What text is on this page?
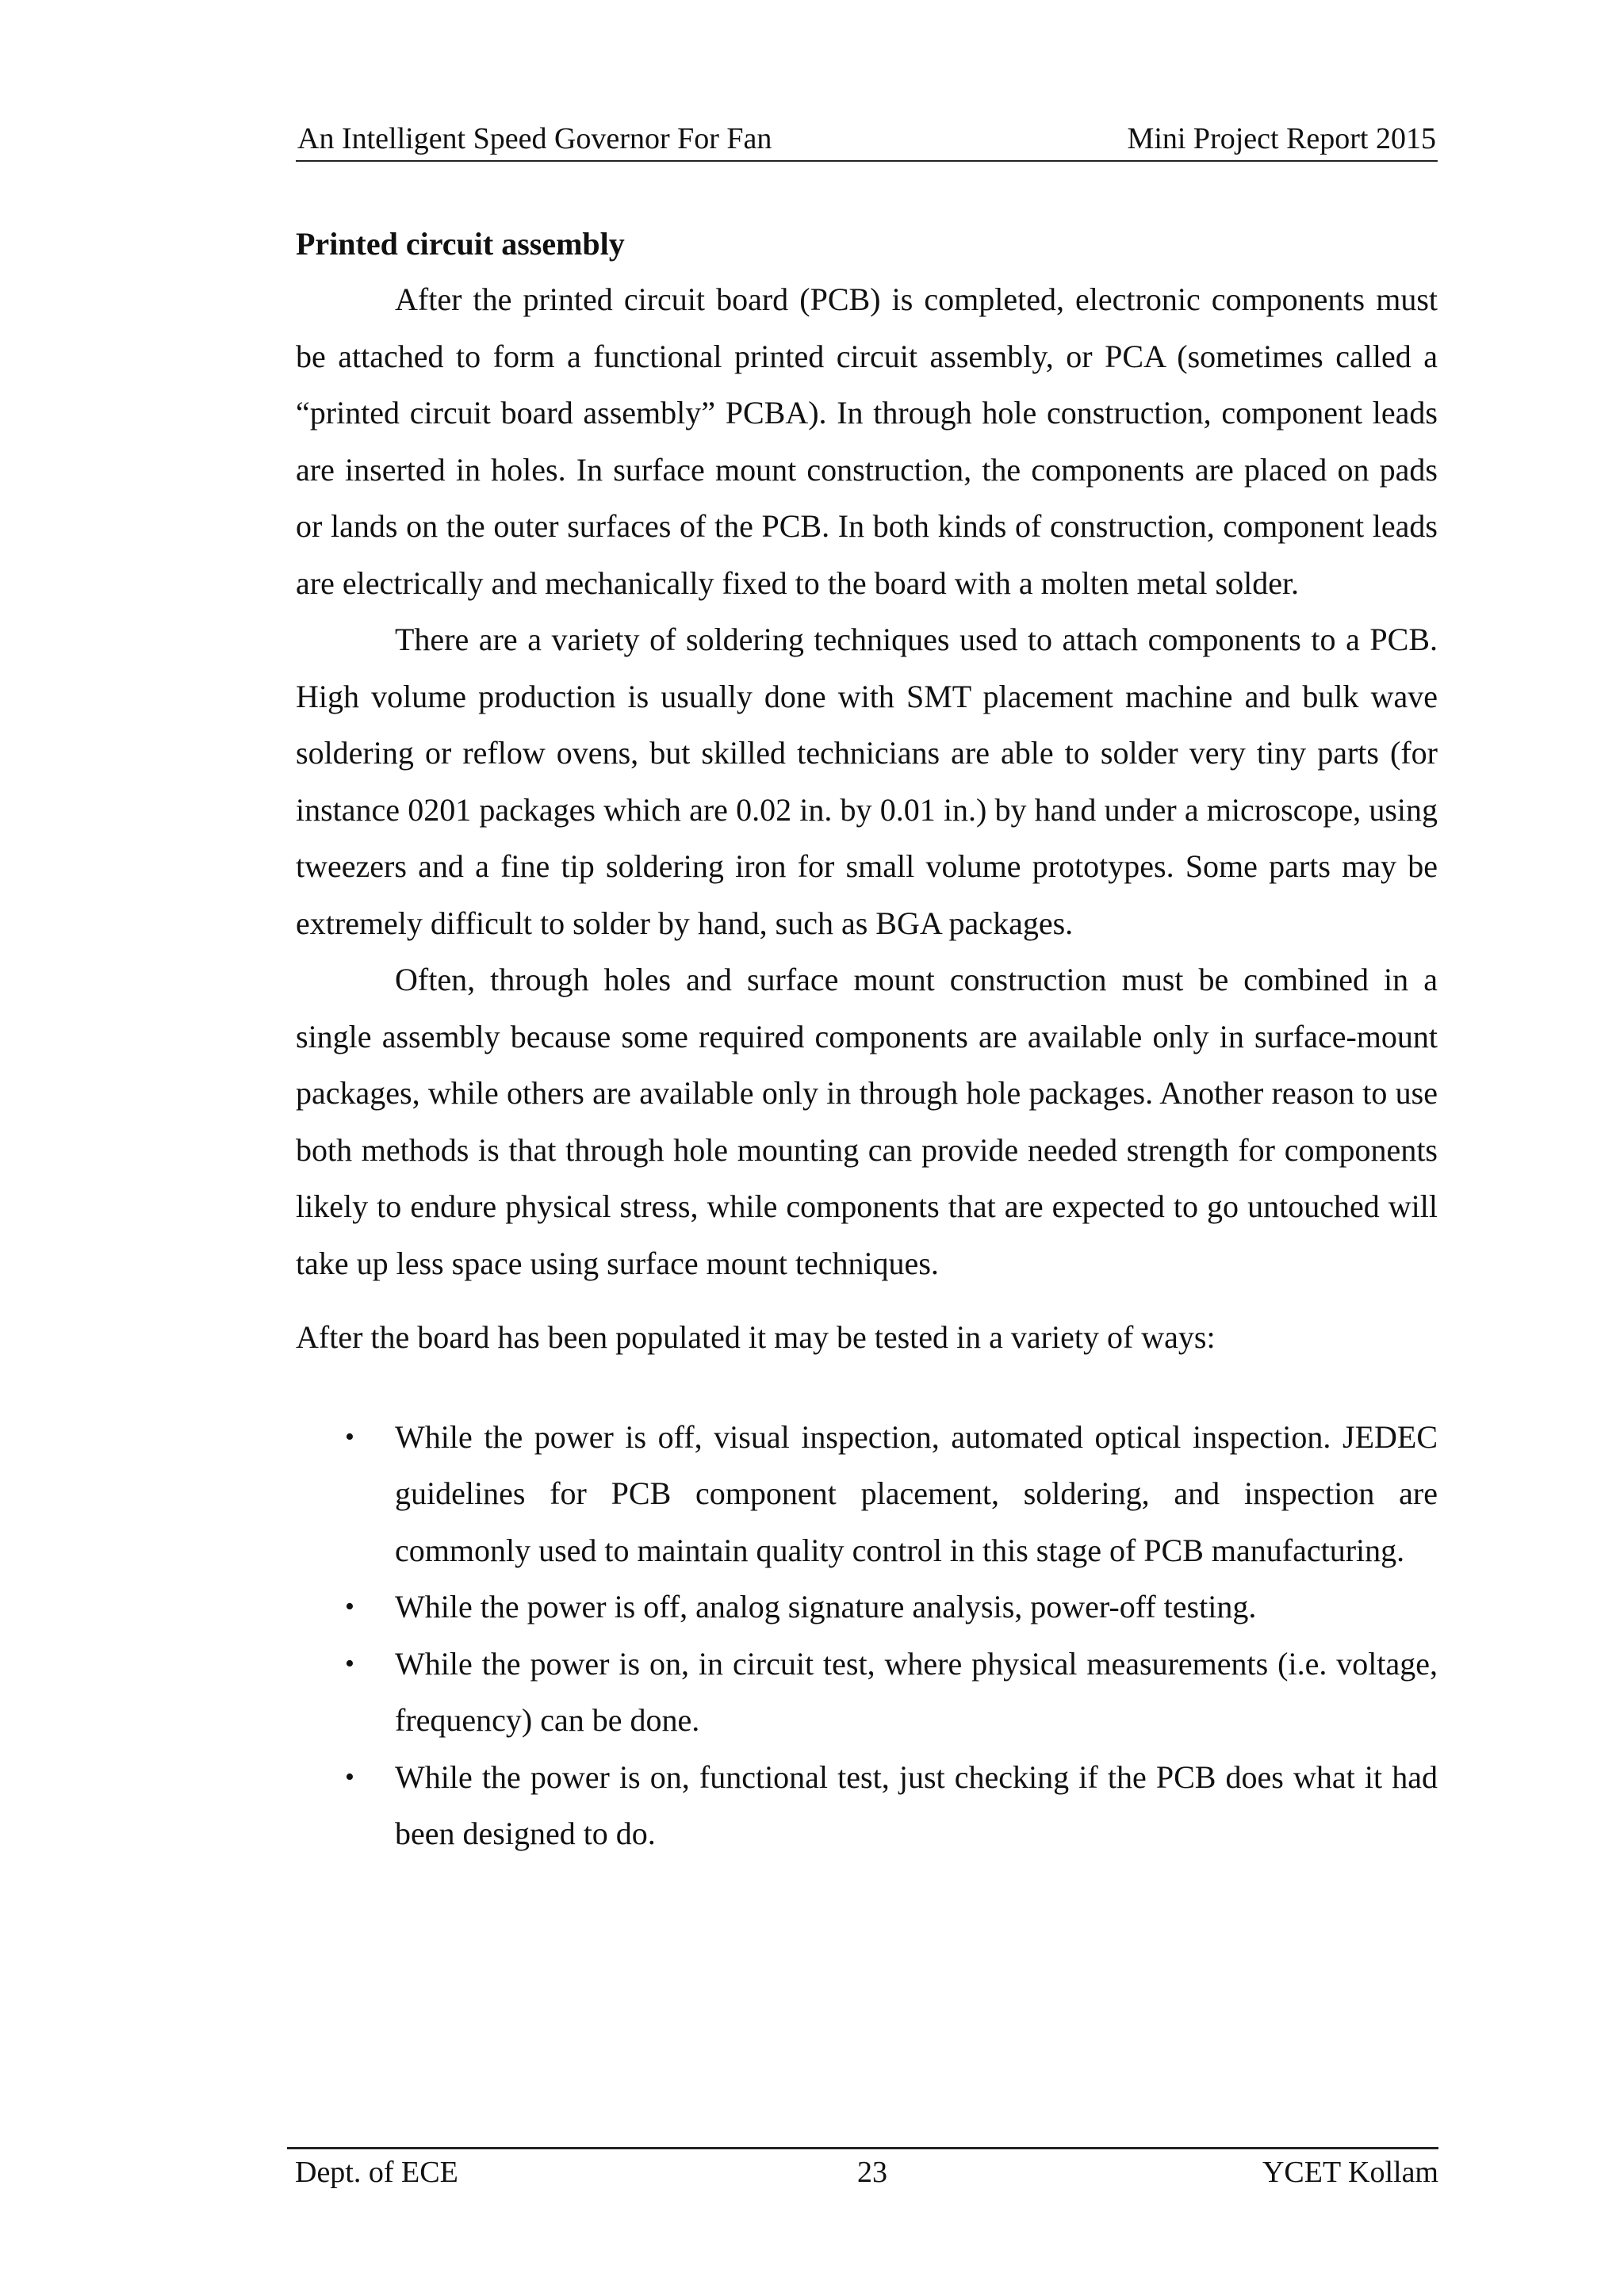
An Intelligent Speed Governor For Fan	Mini Project Report 2015
Printed circuit assembly

After the printed circuit board (PCB) is completed, electronic components must be attached to form a functional printed circuit assembly, or PCA (sometimes called a “printed circuit board assembly” PCBA). In through hole construction, component leads are inserted in holes. In surface mount construction, the components are placed on pads or lands on the outer surfaces of the PCB. In both kinds of construction, component leads are electrically and mechanically fixed to the board with a molten metal solder.

There are a variety of soldering techniques used to attach components to a PCB. High volume production is usually done with SMT placement machine and bulk wave soldering or reflow ovens, but skilled technicians are able to solder very tiny parts (for instance 0201 packages which are 0.02 in. by 0.01 in.) by hand under a microscope, using tweezers and a fine tip soldering iron for small volume prototypes. Some parts may be extremely difficult to solder by hand, such as BGA packages.

Often, through holes and surface mount construction must be combined in a single assembly because some required components are available only in surface-mount packages, while others are available only in through hole packages. Another reason to use both methods is that through hole mounting can provide needed strength for components likely to endure physical stress, while components that are expected to go untouched will take up less space using surface mount techniques.

After the board has been populated it may be tested in a variety of ways:

• While the power is off, visual inspection, automated optical inspection. JEDEC guidelines for PCB component placement, soldering, and inspection are commonly used to maintain quality control in this stage of PCB manufacturing.
• While the power is off, analog signature analysis, power-off testing.
• While the power is on, in circuit test, where physical measurements (i.e. voltage, frequency) can be done.
• While the power is on, functional test, just checking if the PCB does what it had been designed to do.
Dept. of ECE	23	YCET Kollam
